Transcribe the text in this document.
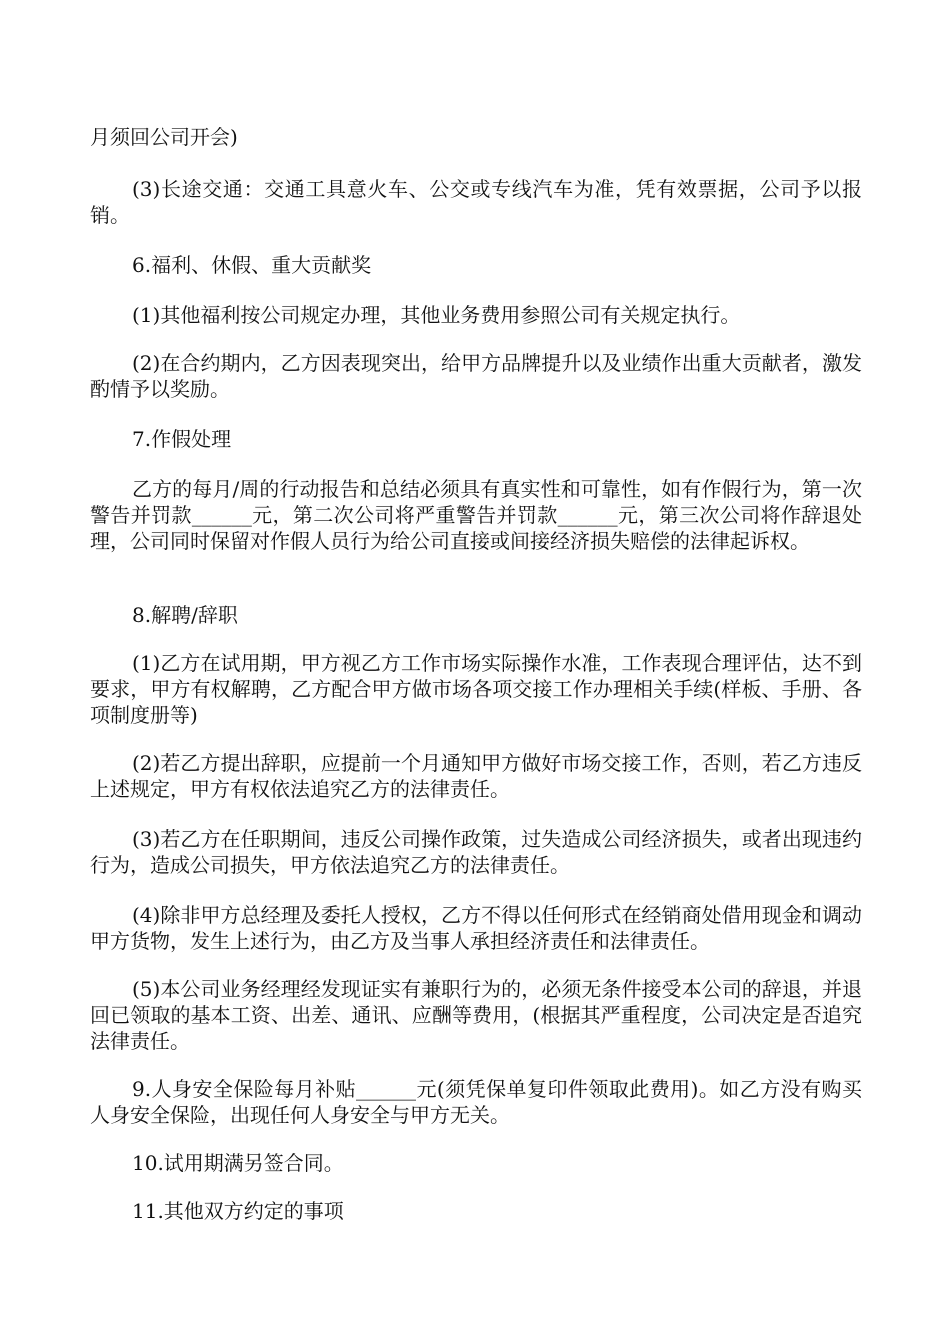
月须回公司开会)

(3)长途交通：交通工具意火车、公交或专线汽车为准，凭有效票据，公司予以报销。

6.福利、休假、重大贡献奖

(1)其他福利按公司规定办理，其他业务费用参照公司有关规定执行。

(2)在合约期内，乙方因表现突出，给甲方品牌提升以及业绩作出重大贡献者，激发酌情予以奖励。

7.作假处理

乙方的每月/周的行动报告和总结必须具有真实性和可靠性，如有作假行为，第一次警告并罚款______元，第二次公司将严重警告并罚款______元，第三次公司将作辞退处理，公司同时保留对作假人员行为给公司直接或间接经济损失赔偿的法律起诉权。

8.解聘/辞职

(1)乙方在试用期，甲方视乙方工作市场实际操作水准，工作表现合理评估，达不到要求，甲方有权解聘，乙方配合甲方做市场各项交接工作办理相关手续(样板、手册、各项制度册等)

(2)若乙方提出辞职，应提前一个月通知甲方做好市场交接工作，否则，若乙方违反上述规定，甲方有权依法追究乙方的法律责任。

(3)若乙方在任职期间，违反公司操作政策，过失造成公司经济损失，或者出现违约行为，造成公司损失，甲方依法追究乙方的法律责任。

(4)除非甲方总经理及委托人授权，乙方不得以任何形式在经销商处借用现金和调动甲方货物，发生上述行为，由乙方及当事人承担经济责任和法律责任。

(5)本公司业务经理经发现证实有兼职行为的，必须无条件接受本公司的辞退，并退回已领取的基本工资、出差、通讯、应酬等费用，(根据其严重程度，公司决定是否追究法律责任。

9.人身安全保险每月补贴______元(须凭保单复印件领取此费用)。如乙方没有购买人身安全保险，出现任何人身安全与甲方无关。

10.试用期满另签合同。

11.其他双方约定的事项
